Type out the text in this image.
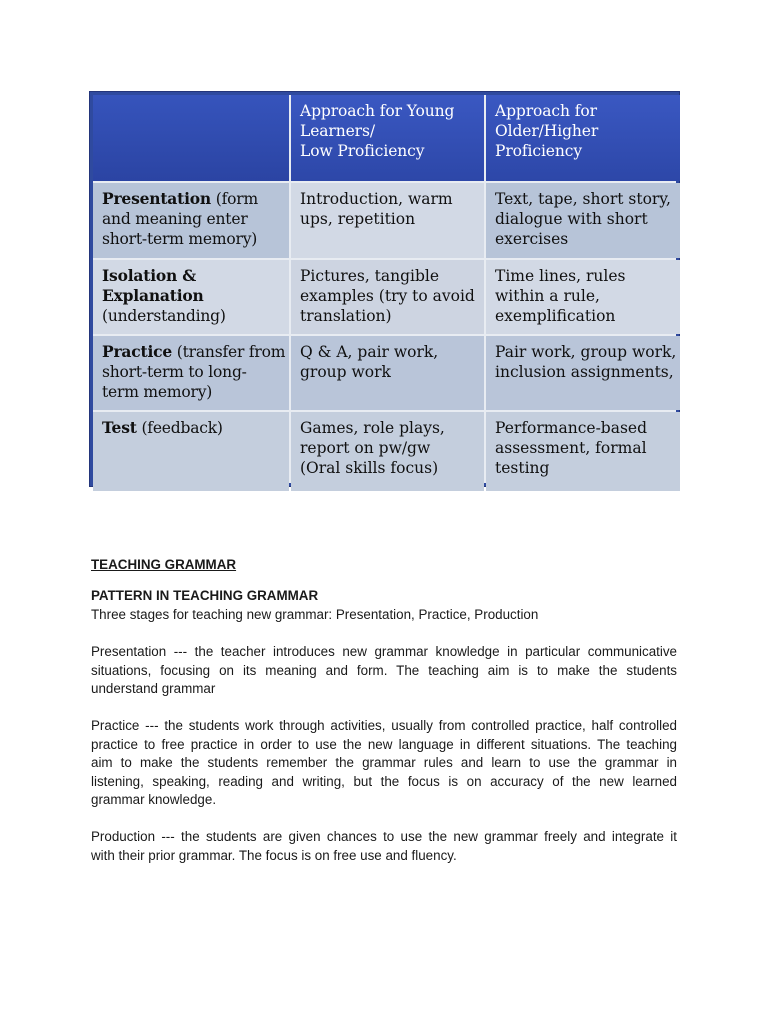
Approach for Young
Learners/
Low Proficiency
Approach for
Older/Higher
Proficiency
Presentation (form
and meaning enter
short-term memory)
Introduction, warm
ups, repetition
Text, tape, short story,
dialogue with short
exercises
Isolation &
Explanation
(understanding)
Pictures, tangible
examples (try to avoid
translation)
Time lines, rules
within a rule,
exemplification
Practice (transfer from
short-term to long-
term memory)
Q & A, pair work,
group work
Pair work, group work,
inclusion assignments,
Test (feedback)	Games, role plays,
report on pw/gw
(Oral skills focus)
Performance-based
assessment, formal
testing
TEACHING GRAMMAR
PATTERN IN TEACHING GRAMMAR
Three stages for teaching new grammar: Presentation, Practice, Production
Presentation --- the teacher introduces new grammar knowledge in particular communicative
situations, focusing on its meaning and form. The teaching aim is to make the students
understand grammar
Practice --- the students work through activities, usually from controlled practice, half controlled
practice to free practice in order to use the new language in different situations. The teaching
aim to make the students remember the grammar rules and learn to use the grammar in
listening, speaking, reading and writing, but the focus is on accuracy of the new learned
grammar knowledge.
Production --- the students are given chances to use the new grammar freely and integrate it
with their prior grammar. The focus is on free use and fluency.
